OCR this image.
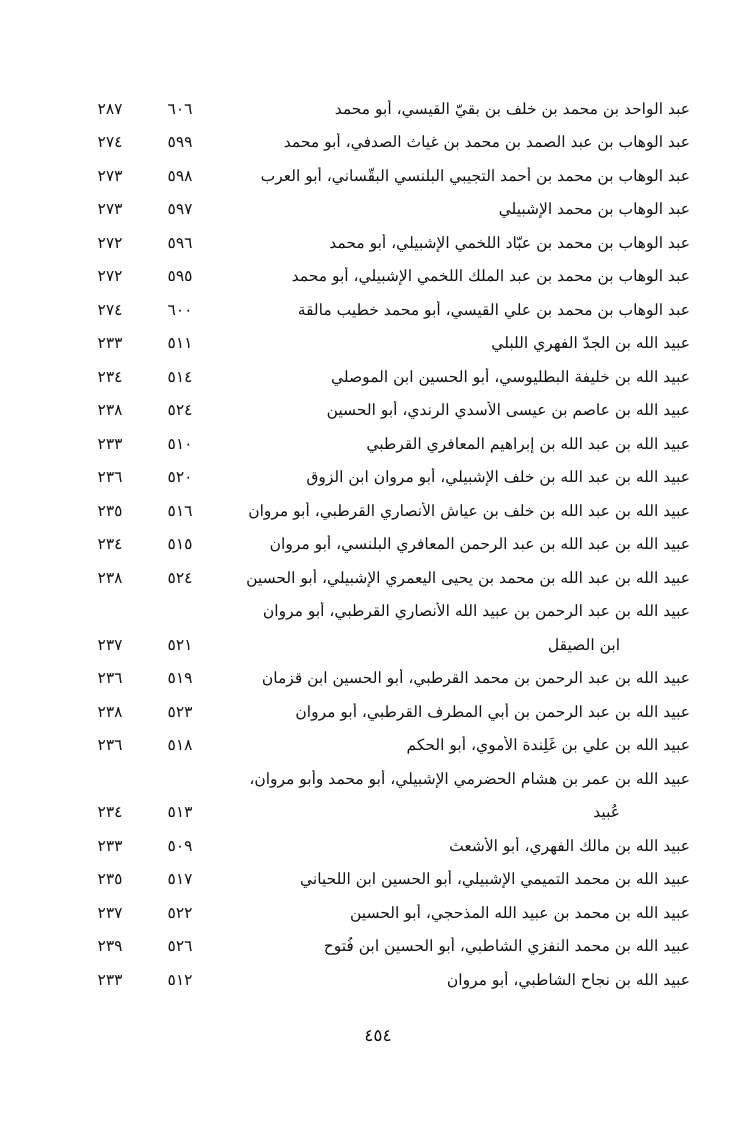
عبد الواحد بن محمد بن خلف بن بقيّ القيسي، أبو محمد
٦٠٦
٢٨٧
عبد الوهاب بن عبد الصمد بن محمد بن غياث الصدفي، أبو محمد
٥٩٩
٢٧٤
عبد الوهاب بن محمد بن أحمد التجيبي البلنسي البقّساني، أبو العرب
٥٩٨
٢٧٣
عبد الوهاب بن محمد الإشبيلي
٥٩٧
٢٧٣
عبد الوهاب بن محمد بن عبّاد اللخمي الإشبيلي، أبو محمد
٥٩٦
٢٧٢
عبد الوهاب بن محمد بن عبد الملك اللخمي الإشبيلي، أبو محمد
٥٩٥
٢٧٢
عبد الوهاب بن محمد بن علي القيسي، أبو محمد خطيب مالقة
٦٠٠
٢٧٤
عبيد الله بن الجدّ الفهري اللبلي
٥١١
٢٣٣
عبيد الله بن خليفة البطليوسي، أبو الحسين ابن الموصلي
٥١٤
٢٣٤
عبيد الله بن عاصم بن عيسى الأسدي الرندي، أبو الحسين
٥٢٤
٢٣٨
عبيد الله بن عبد الله بن إبراهيم المعافري القرطبي
٥١٠
٢٣٣
عبيد الله بن عبد الله بن خلف الإشبيلي، أبو مروان ابن الزوق
٥٢٠
٢٣٦
عبيد الله بن عبد الله بن خلف بن عياش الأنصاري القرطبي، أبو مروان
٥١٦
٢٣٥
عبيد الله بن عبد الله بن عبد الرحمن المعافري البلنسي، أبو مروان
٥١٥
٢٣٤
عبيد الله بن عبد الله بن محمد بن يحيى اليعمري الإشبيلي، أبو الحسين
٥٢٤
٢٣٨
عبيد الله بن عبد الرحمن بن عبيد الله الأنصاري القرطبي، أبو مروان
ابن الصيقل
٥٢١
٢٣٧
عبيد الله بن عبد الرحمن بن محمد القرطبي، أبو الحسين ابن قزمان
٥١٩
٢٣٦
عبيد الله بن عبد الرحمن بن أبي المطرف القرطبي، أبو مروان
٥٢٣
٢٣٨
عبيد الله بن علي بن غَلِندة الأموي، أبو الحكم
٥١٨
٢٣٦
عبيد الله بن عمر بن هشام الحضرمي الإشبيلي، أبو محمد وأبو مروان،
عُبيد
٥١٣
٢٣٤
عبيد الله بن مالك الفهري، أبو الأشعث
٥٠٩
٢٣٣
عبيد الله بن محمد التميمي الإشبيلي، أبو الحسين ابن اللحياني
٥١٧
٢٣٥
عبيد الله بن محمد بن عبيد الله المذحجي، أبو الحسين
٥٢٢
٢٣٧
عبيد الله بن محمد النفزي الشاطبي، أبو الحسين ابن فُتوح
٥٢٦
٢٣٩
عبيد الله بن نجاح الشاطبي، أبو مروان
٥١٢
٢٣٣
٤٥٤
